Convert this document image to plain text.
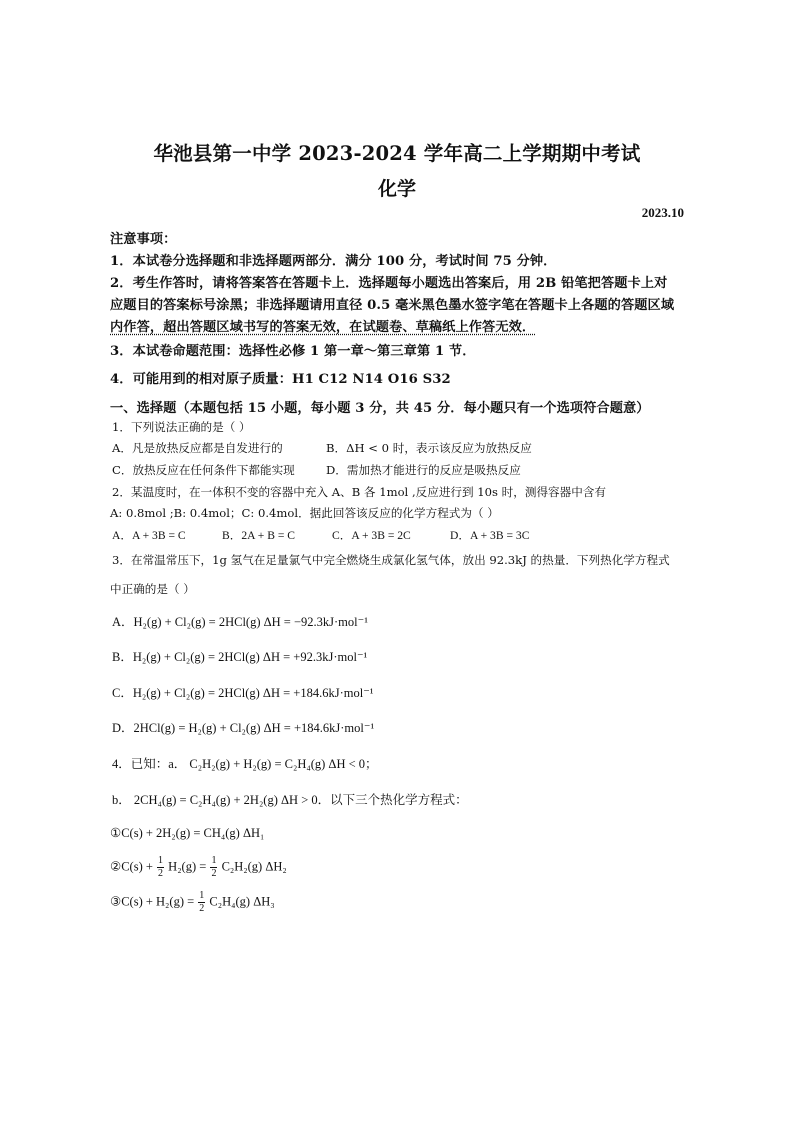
华池县第一中学 2023-2024 学年高二上学期期中考试
化学
2023.10
注意事项：
1．本试卷分选择题和非选择题两部分．满分 100 分，考试时间 75 分钟．
2．考生作答时，请将答案答在答题卡上．选择题每小题选出答案后，用 2B 铅笔把答题卡上对
应题目的答案标号涂黑；非选择题请用直径 0.5 毫米黑色墨水签字笔在答题卡上各题的答题区域
内作答，超出答题区域书写的答案无效，在试题卷、草稿纸上作答无效．
3．本试卷命题范围：选择性必修 1 第一章～第三章第 1 节．
4．可能用到的相对原子质量：H1 C12 N14 O16 S32
一、选择题（本题包括 15 小题，每小题 3 分，共 45 分．每小题只有一个选项符合题意）
1．下列说法正确的是（ ）
A．凡是放热反应都是自发进行的	B．ΔH < 0 时，表示该反应为放热反应
C．放热反应在任何条件下都能实现	D．需加热才能进行的反应是吸热反应
2．某温度时，在一体积不变的容器中充入 A、B 各 1mol ,反应进行到 10s 时，测得容器中含有
A: 0.8mol ;B: 0.4mol；C: 0.4mol．据此回答该反应的化学方程式为（ ）
A．A + 3B = C	B．2A + B = C	C．A + 3B = 2C	D．A + 3B = 3C
3．在常温常压下，1g 氢气在足量氯气中完全燃烧生成氯化氢气体，放出 92.3kJ 的热量．下列热化学方程式
中正确的是（ ）
A．H₂(g) + Cl₂(g) = 2HCl(g) ΔH = −92.3kJ·mol⁻¹
B．H₂(g) + Cl₂(g) = 2HCl(g) ΔH = +92.3kJ·mol⁻¹
C．H₂(g) + Cl₂(g) = 2HCl(g) ΔH = +184.6kJ·mol⁻¹
D．2HCl(g) = H₂(g) + Cl₂(g) ΔH = +184.6kJ·mol⁻¹
4．已知：a． C₂H₂(g) + H₂(g) = C₂H₄(g) ΔH < 0；
b． 2CH₄(g) = C₂H₄(g) + 2H₂(g) ΔH > 0．以下三个热化学方程式：
①C(s) + 2H₂(g) = CH₄(g) ΔH₁
②C(s) + $\frac{1}{2} H_2(g) = \frac{1}{2} C_2H_2(g)$ ΔH₂
③C(s) + $H_2(g) = \frac{1}{2} C_2H_4(g)$ ΔH₃
